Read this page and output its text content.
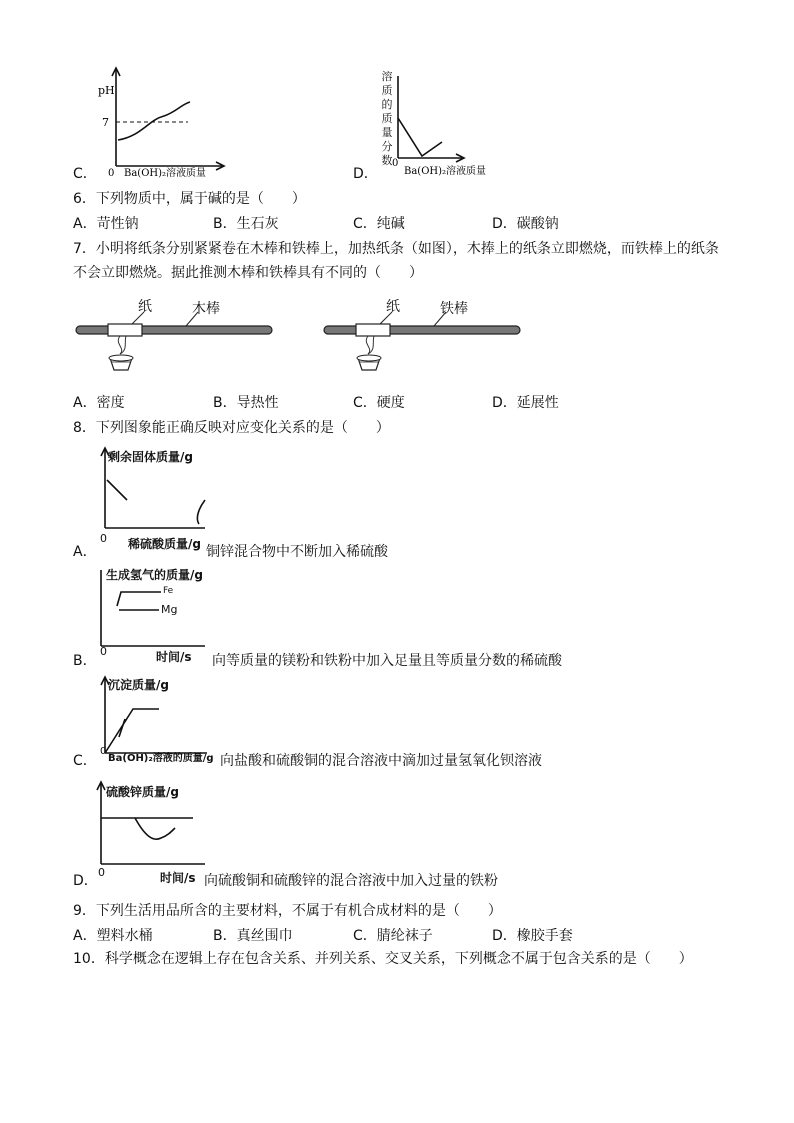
pH
7
0 Ba(OH)₂溶液质量
C．
0
Ba(OH)₂溶液质量
溶
质
的
质
量
分
数
D．
6．下列物质中，属于碱的是（　　）
A．苛性钠	B．生石灰	C．纯碱	D．碳酸钠
7．小明将纸条分别紧紧卷在木棒和铁棒上，加热纸条（如图），木捧上的纸条立即燃烧，而铁棒上的纸条
不会立即燃烧。据此推测木棒和铁棒具有不同的（　　）
纸	木棒	纸	铁棒
A．密度	B．导热性	C．硬度	D．延展性
8．下列图象能正确反映对应变化关系的是（　　）
剩余固体质量/g
0 稀硫酸质量/g
A．	铜锌混合物中不断加入稀硫酸
生成氢气的质量/g
Fe
Mg
0	时间/s
B．	向等质量的镁粉和铁粉中加入足量且等质量分数的稀硫酸
沉淀质量/g
0
Ba(OH)₂溶液的质量/g
C．	向盐酸和硫酸铜的混合溶液中滴加过量氢氧化钡溶液
硫酸锌质量/g
0	时间/s
D．	向硫酸铜和硫酸锌的混合溶液中加入过量的铁粉
9．下列生活用品所含的主要材料，不属于有机合成材料的是（　　）
A．塑料水桶	B．真丝围巾	C．腈纶袜子	D．橡胶手套
10．科学概念在逻辑上存在包含关系、并列关系、交叉关系，下列概念不属于包含关系的是（　　）
